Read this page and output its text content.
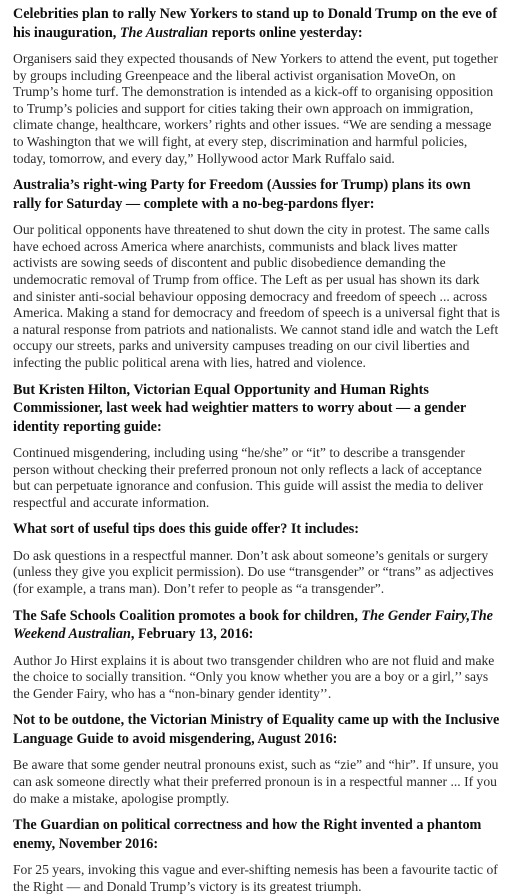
Celebrities plan to rally New Yorkers to stand up to Donald Trump on the eve of his inauguration, The Australian reports online yesterday:

Organisers said they expected thousands of New Yorkers to attend the event, put together by groups including Greenpeace and the liberal activist organisation MoveOn, on Trump’s home turf. The demonstration is intended as a kick-off to organising opposition to Trump’s policies and support for cities taking their own approach on immigration, climate change, healthcare, workers’ rights and other issues. “We are sending a message to Washington that we will fight, at every step, discrimination and harmful policies, today, tomorrow, and every day,” Hollywood actor Mark Ruffalo said.

Australia’s right-wing Party for Freedom (Aussies for Trump) plans its own rally for Saturday — complete with a no-beg-pardons flyer:

Our political opponents have threatened to shut down the city in protest. The same calls have echoed across America where anarchists, communists and black lives matter activists are sowing seeds of discontent and public disobedience demanding the undemocratic removal of Trump from office. The Left as per usual has shown its dark and sinister anti-social behaviour opposing democracy and freedom of speech ... across America. Making a stand for democracy and freedom of speech is a universal fight that is a natural response from patriots and nationalists. We cannot stand idle and watch the Left occupy our streets, parks and university campuses treading on our civil liberties and infecting the public political arena with lies, hatred and violence.

But Kristen Hilton, Victorian Equal Opportunity and Human Rights Commissioner, last week had weightier matters to worry about — a gender identity reporting guide:

Continued misgendering, including using “he/she” or “it” to describe a transgender person without checking their preferred pronoun not only reflects a lack of acceptance but can perpetuate ignorance and confusion. This guide will assist the media to deliver respectful and accurate information.

What sort of useful tips does this guide offer? It includes:

Do ask questions in a respectful manner. Don’t ask about someone’s genitals or surgery (unless they give you explicit permission). Do use “transgender” or “trans” as adjectives (for example, a trans man). Don’t refer to people as “a transgender”.

The Safe Schools Coalition promotes a book for children, The Gender Fairy,The Weekend Australian, February 13, 2016:

Author Jo Hirst explains it is about two transgender children who are not fluid and make the choice to socially transition. “Only you know whether you are a boy or a girl,’’ says the Gender Fairy, who has a “non-binary gender identity’’.

Not to be outdone, the Victorian Ministry of Equality came up with the Inclusive Language Guide to avoid misgendering, August 2016:

Be aware that some gender neutral pronouns exist, such as “zie” and “hir”. If unsure, you can ask someone directly what their preferred pronoun is in a respectful manner ... If you do make a mistake, apologise promptly.

The Guardian on political correctness and how the Right invented a phantom enemy, November 2016:

For 25 years, invoking this vague and ever-shifting nemesis has been a favourite tactic of the Right — and Donald Trump’s victory is its greatest triumph.
